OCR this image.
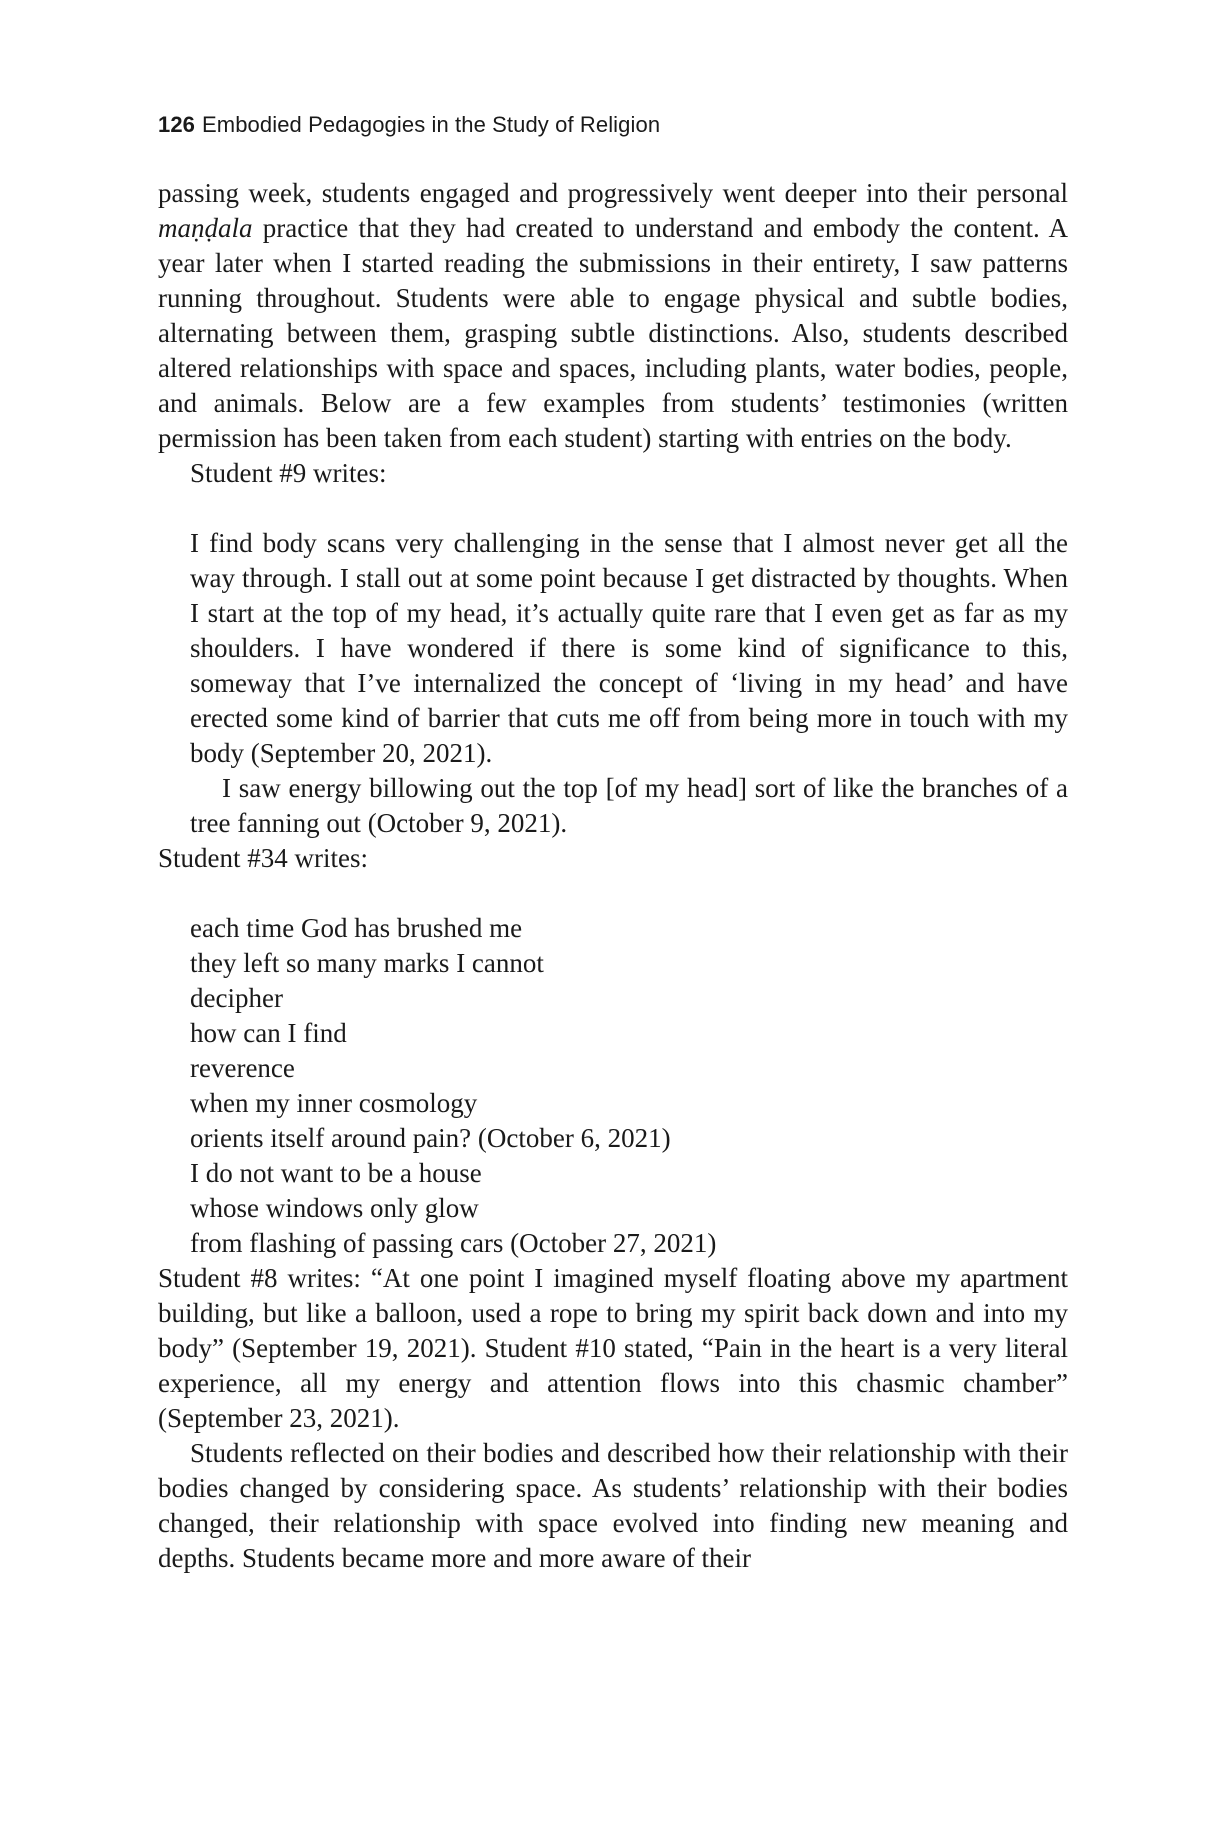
126 Embodied Pedagogies in the Study of Religion

passing week, students engaged and progressively went deeper into their personal maṇḍala practice that they had created to understand and embody the content. A year later when I started reading the submissions in their entirety, I saw patterns running throughout. Students were able to engage physical and subtle bodies, alternating between them, grasping subtle distinctions. Also, students described altered relationships with space and spaces, including plants, water bodies, people, and animals. Below are a few examples from students’ testimonies (written permission has been taken from each student) starting with entries on the body.

Student #9 writes:

I find body scans very challenging in the sense that I almost never get all the way through. I stall out at some point because I get distracted by thoughts. When I start at the top of my head, it’s actually quite rare that I even get as far as my shoulders. I have wondered if there is some kind of significance to this, someway that I’ve internalized the concept of ‘living in my head’ and have erected some kind of barrier that cuts me off from being more in touch with my body (September 20, 2021).

I saw energy billowing out the top [of my head] sort of like the branches of a tree fanning out (October 9, 2021).

Student #34 writes:

each time God has brushed me
they left so many marks I cannot
decipher
how can I find
reverence
when my inner cosmology
orients itself around pain? (October 6, 2021)
I do not want to be a house
whose windows only glow
from flashing of passing cars (October 27, 2021)

Student #8 writes: “At one point I imagined myself floating above my apartment building, but like a balloon, used a rope to bring my spirit back down and into my body” (September 19, 2021). Student #10 stated, “Pain in the heart is a very literal experience, all my energy and attention flows into this chasmic chamber” (September 23, 2021).

Students reflected on their bodies and described how their relationship with their bodies changed by considering space. As students’ relationship with their bodies changed, their relationship with space evolved into finding new meaning and depths. Students became more and more aware of their
